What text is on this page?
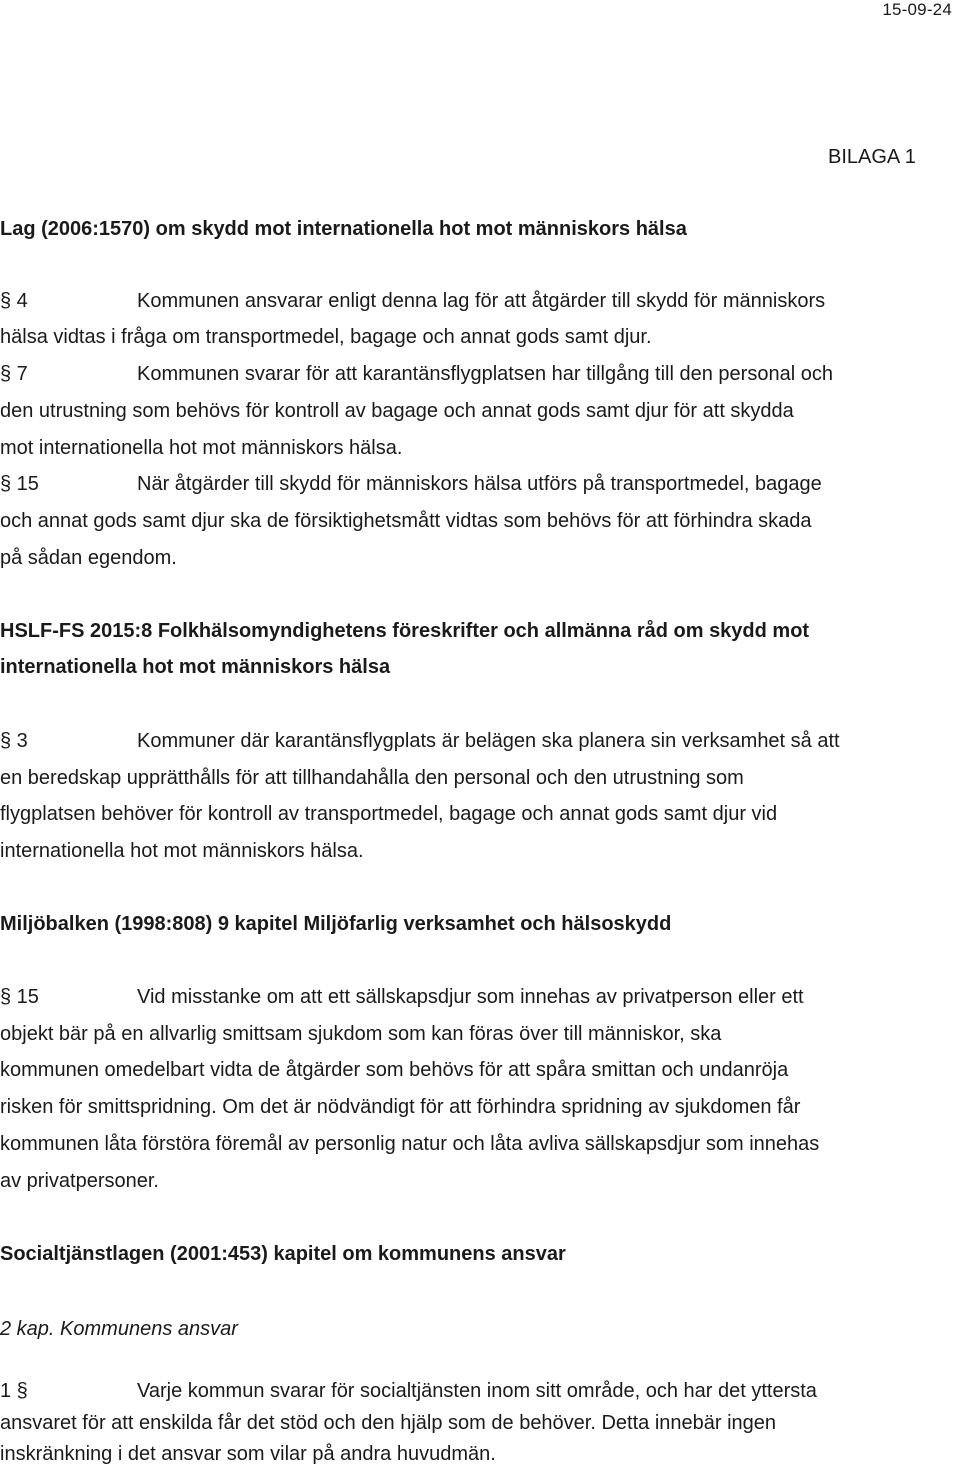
15-09-24
BILAGA 1
Lag (2006:1570) om skydd mot internationella hot mot människors hälsa
§ 4	Kommunen ansvarar enligt denna lag för att åtgärder till skydd för människors
hälsa vidtas i fråga om transportmedel, bagage och annat gods samt djur.
§ 7	Kommunen svarar för att karantänsflygplatsen har tillgång till den personal och
den utrustning som behövs för kontroll av bagage och annat gods samt djur för att skydda
mot internationella hot mot människors hälsa.
§ 15	När åtgärder till skydd för människors hälsa utförs på transportmedel, bagage
och annat gods samt djur ska de försiktighetsmått vidtas som behövs för att förhindra skada
på sådan egendom.
HSLF-FS 2015:8 Folkhälsomyndighetens föreskrifter och allmänna råd om skydd mot
internationella hot mot människors hälsa
§ 3	Kommuner där karantänsflygplats är belägen ska planera sin verksamhet så att
en beredskap upprätthålls för att tillhandahålla den personal och den utrustning som
flygplatsen behöver för kontroll av transportmedel, bagage och annat gods samt djur vid
internationella hot mot människors hälsa.
Miljöbalken (1998:808) 9 kapitel Miljöfarlig verksamhet och hälsoskydd
§ 15	Vid misstanke om att ett sällskapsdjur som innehas av privatperson eller ett
objekt bär på en allvarlig smittsam sjukdom som kan föras över till människor, ska
kommunen omedelbart vidta de åtgärder som behövs för att spåra smittan och undanröja
risken för smittspridning. Om det är nödvändigt för att förhindra spridning av sjukdomen får
kommunen låta förstöra föremål av personlig natur och låta avliva sällskapsdjur som innehas
av privatpersoner.
Socialtjänstlagen (2001:453) kapitel om kommunens ansvar
2 kap. Kommunens ansvar
1 §	Varje kommun svarar för socialtjänsten inom sitt område, och har det yttersta
ansvaret för att enskilda får det stöd och den hjälp som de behöver. Detta innebär ingen
inskränkning i det ansvar som vilar på andra huvudmän.
